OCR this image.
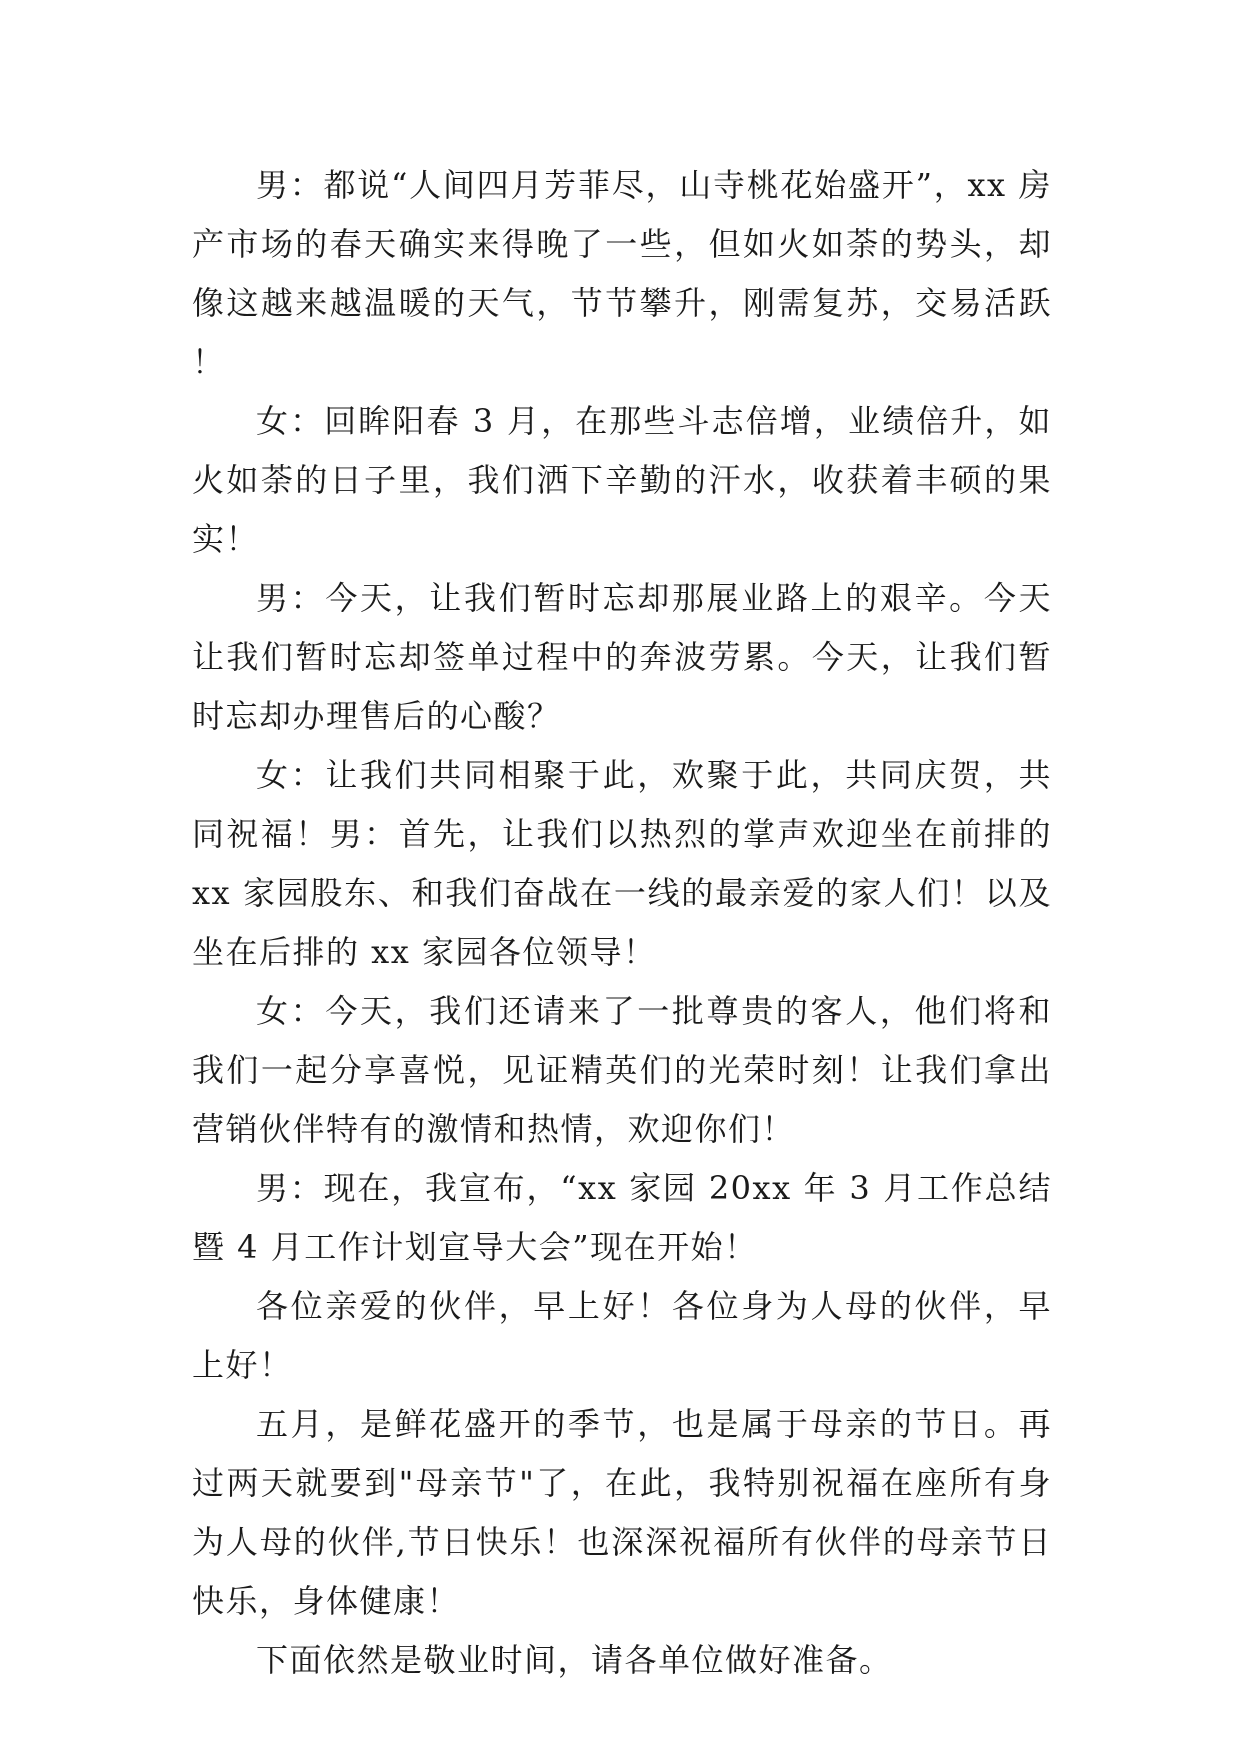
男：都说“人间四月芳菲尽，山寺桃花始盛开”，xx 房产市场的春天确实来得晚了一些，但如火如荼的势头，却像这越来越温暖的天气，节节攀升，刚需复苏，交易活跃！

女：回眸阳春 3 月，在那些斗志倍增，业绩倍升，如火如荼的日子里，我们洒下辛勤的汗水，收获着丰硕的果实！

男：今天，让我们暂时忘却那展业路上的艰辛。今天让我们暂时忘却签单过程中的奔波劳累。今天，让我们暂时忘却办理售后的心酸？

女：让我们共同相聚于此，欢聚于此，共同庆贺，共同祝福！男：首先，让我们以热烈的掌声欢迎坐在前排的 xx 家园股东、和我们奋战在一线的最亲爱的家人们！以及坐在后排的 xx 家园各位领导！

女：今天，我们还请来了一批尊贵的客人，他们将和我们一起分享喜悦，见证精英们的光荣时刻！让我们拿出营销伙伴特有的激情和热情，欢迎你们！

男：现在，我宣布，“xx 家园 20xx 年 3 月工作总结暨 4 月工作计划宣导大会”现在开始！

各位亲爱的伙伴，早上好！各位身为人母的伙伴，早上好！

五月，是鲜花盛开的季节，也是属于母亲的节日。再过两天就要到"母亲节"了，在此，我特别祝福在座所有身为人母的伙伴,节日快乐！也深深祝福所有伙伴的母亲节日快乐，身体健康！

下面依然是敬业时间，请各单位做好准备。
